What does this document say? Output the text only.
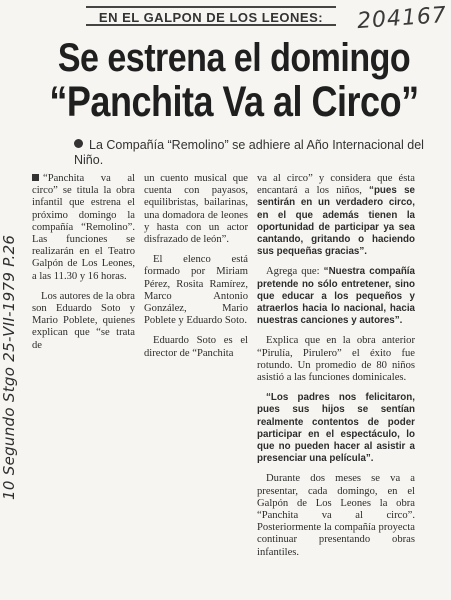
10 Segundo Stgo 25-VII-1979 P.26
204167
EN EL GALPON DE LOS LEONES:
Se estrena el domingo
“Panchita Va al Circo”
La Compañía “Remolino” se adhiere al Año Internacional del Niño.

“Panchita va al circo” se titula la obra infantil que estrena el próximo domingo la compañía “Remolino”. Las funciones se realizarán en el Teatro Galpón de Los Leones, a las 11.30 y 16 horas.

Los autores de la obra son Eduardo Soto y Mario Poblete, quienes explican que “se trata de

un cuento musical que cuenta con payasos, equilibristas, bailarinas, una domadora de leones y hasta con un actor disfrazado de león”.

El elenco está formado por Miriam Pérez, Rosita Ramírez, Marco Antonio González, Mario Poblete y Eduardo Soto.

Eduardo Soto es el director de “Panchita

va al circo” y considera que ésta encantará a los niños, “pues se sentirán en un verdadero circo, en el que además tienen la oportunidad de participar ya sea cantando, gritando o haciendo sus pequeñas gracias”.

Agrega que: “Nuestra compañía pretende no sólo entretener, sino que educar a los pequeños y atraerlos hacia lo nacional, hacia nuestras canciones y autores”.

Explica que en la obra anterior “Pirulía, Pirulero” el éxito fue rotundo. Un promedio de 80 niños asistió a las funciones dominicales.

“Los padres nos felicitaron, pues sus hijos se sentían realmente contentos de poder participar en el espectáculo, lo que no pueden hacer al asistir a presenciar una película”.

Durante dos meses se va a presentar, cada domingo, en el Galpón de Los Leones la obra “Panchita va al circo”. Posteriormente la compañía proyecta continuar presentando obras infantiles.
